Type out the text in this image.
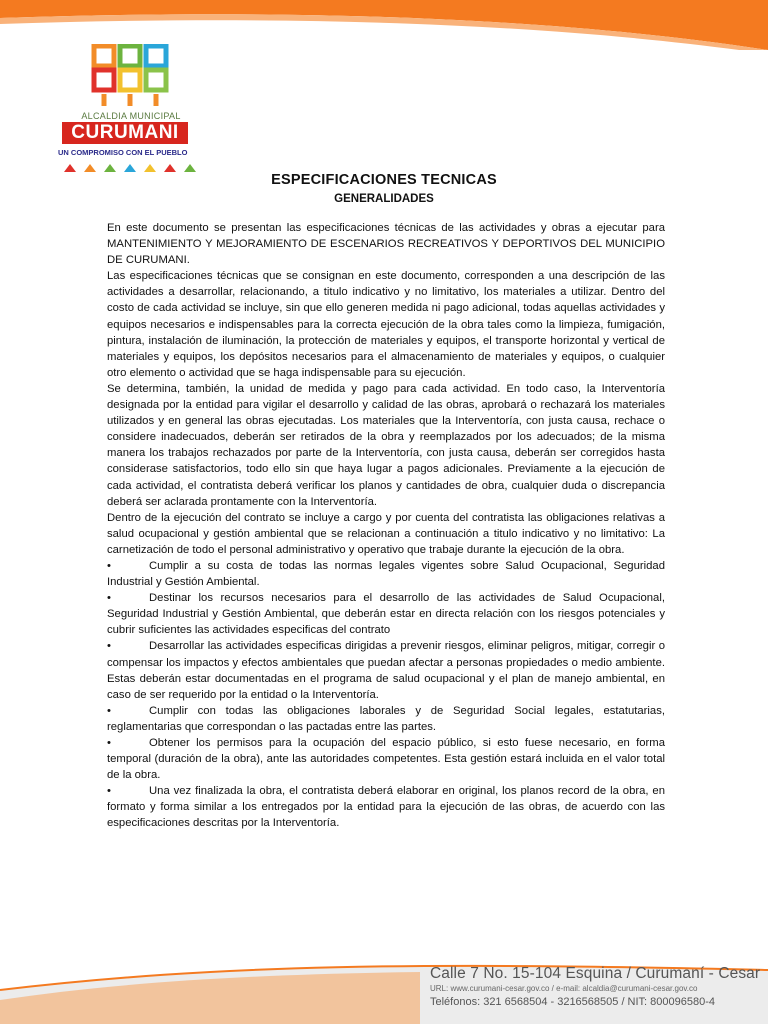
ALCALDIA MUNICIPAL
CURUMANI
UN COMPROMISO CON EL PUEBLO
ESPECIFICACIONES TECNICAS
GENERALIDADES

En este documento se presentan las especificaciones técnicas de las actividades y obras a ejecutar para MANTENIMIENTO Y MEJORAMIENTO DE ESCENARIOS RECREATIVOS Y DEPORTIVOS DEL MUNICIPIO DE CURUMANI.

Las especificaciones técnicas que se consignan en este documento, corresponden a una descripción de las actividades a desarrollar, relacionando, a titulo indicativo y no limitativo, los materiales a utilizar. Dentro del costo de cada actividad se incluye, sin que ello generen medida ni pago adicional, todas aquellas actividades y equipos necesarios e indispensables para la correcta ejecución de la obra tales como la limpieza, fumigación, pintura, instalación de iluminación, la protección de materiales y equipos, el transporte horizontal y vertical de materiales y equipos, los depósitos necesarios para el almacenamiento de materiales y equipos, o cualquier otro elemento o actividad que se haga indispensable para su ejecución.

Se determina, también, la unidad de medida y pago para cada actividad. En todo caso, la Interventoría designada por la entidad para vigilar el desarrollo y calidad de las obras, aprobará o rechazará los materiales utilizados y en general las obras ejecutadas. Los materiales que la Interventoría, con justa causa, rechace o considere inadecuados, deberán ser retirados de la obra y reemplazados por los adecuados; de la misma manera los trabajos rechazados por parte de la Interventoría, con justa causa, deberán ser corregidos hasta considerase satisfactorios, todo ello sin que haya lugar a pagos adicionales. Previamente a la ejecución de cada actividad, el contratista deberá verificar los planos y cantidades de obra, cualquier duda o discrepancia deberá ser aclarada prontamente con la Interventoría.

Dentro de la ejecución del contrato se incluye a cargo y por cuenta del contratista las obligaciones relativas a salud ocupacional y gestión ambiental que se relacionan a continuación a titulo indicativo y no limitativo: La carnetización de todo el personal administrativo y operativo que trabaje durante la ejecución de la obra.

•	Cumplir a su costa de todas las normas legales vigentes sobre Salud Ocupacional, Seguridad Industrial y Gestión Ambiental.

•	Destinar los recursos necesarios para el desarrollo de las actividades de Salud Ocupacional, Seguridad Industrial y Gestión Ambiental, que deberán estar en directa relación con los riesgos potenciales y cubrir suficientes las actividades especificas del contrato

•	Desarrollar las actividades especificas dirigidas a prevenir riesgos, eliminar peligros, mitigar, corregir o compensar los impactos y efectos ambientales que puedan afectar a personas propiedades o medio ambiente. Estas deberán estar documentadas en el programa de salud ocupacional y el plan de manejo ambiental, en caso de ser requerido por la entidad o la Interventoría.

•	Cumplir con todas las obligaciones laborales y de Seguridad Social legales, estatutarias, reglamentarias que correspondan o las pactadas entre las partes.

•	Obtener los permisos para la ocupación del espacio público, si esto fuese necesario, en forma temporal (duración de la obra), ante las autoridades competentes. Esta gestión estará incluida en el valor total de la obra.

•	Una vez finalizada la obra, el contratista deberá elaborar en original, los planos record de la obra, en formato y forma similar a los entregados por la entidad para la ejecución de las obras, de acuerdo con las especificaciones descritas por la Interventoría.

Calle 7 No. 15-104 Esquina / Curumaní - Cesar
URL: www.curumani-cesar.gov.co / e-mail: alcaldia@curumani-cesar.gov.co
Teléfonos: 321 6568504 - 3216568505 / NIT: 800096580-4
